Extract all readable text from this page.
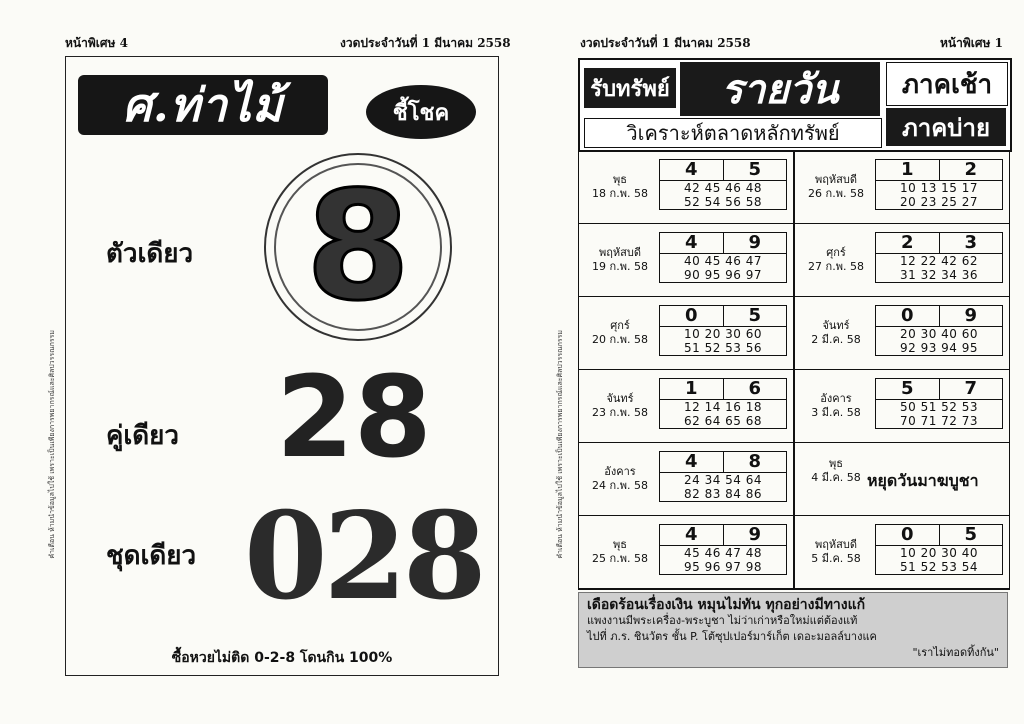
หน้าพิเศษ 4	งวดประจำวันที่ 1 มีนาคม 2558
คำเตือน ห้ามนำข้อมูลไปใช้ เพราะเป็นเพียงการพยากรณ์และศิลปวรรณกรรม
ศ.ท่าไม้	ชี้โชค
8
ตัวเดียว
คู่เดียว 28
ชุดเดียว 028
ซื้อหวยไม่ติด 0-2-8 โดนกิน 100%
งวดประจำวันที่ 1 มีนาคม 2558	หน้าพิเศษ 1
คำเตือน ห้ามนำข้อมูลไปใช้ เพราะเป็นเพียงการพยากรณ์และศิลปวรรณกรรม
รับทรัพย์	รายวัน
วิเคราะห์ตลาดหลักทรัพย์
ภาคเช้า
ภาคบ่าย
พุธ
18 ก.พ. 58
4	5
42 45 46 48
52 54 56 58
พฤหัสบดี
26 ก.พ. 58
1	2
10 13 15 17
20 23 25 27
พฤหัสบดี
19 ก.พ. 58
4	9
40 45 46 47
90 95 96 97
ศุกร์
27 ก.พ. 58
2	3
12 22 42 62
31 32 34 36
ศุกร์
20 ก.พ. 58
0	5
10 20 30 60
51 52 53 56
จันทร์
2 มี.ค. 58
0	9
20 30 40 60
92 93 94 95
จันทร์
23 ก.พ. 58
1	6
12 14 16 18
62 64 65 68
อังคาร
3 มี.ค. 58
5	7
50 51 52 53
70 71 72 73
อังคาร
24 ก.พ. 58
4	8
24 34 54 64
82 83 84 86
พุธ
4 มี.ค. 58 หยุดวันมาฆบูชา
พุธ
25 ก.พ. 58
4	9
45 46 47 48
95 96 97 98
พฤหัสบดี
5 มี.ค. 58
0	5
10 20 30 40
51 52 53 54
เดือดร้อนเรื่องเงิน หมุนไม่ทัน ทุกอย่างมีทางแก้
แพงงานมีพระเครื่อง-พระบูชา ไม่ว่าเก่าหรือใหม่แต่ต้องแท้
ไปที่ ภ.ร. ชินวัตร ชั้น P. โต้ซุปเปอร์มาร์เก็ต เดอะมอลล์บางแค
"เราไม่ทอดทิ้งกัน"
